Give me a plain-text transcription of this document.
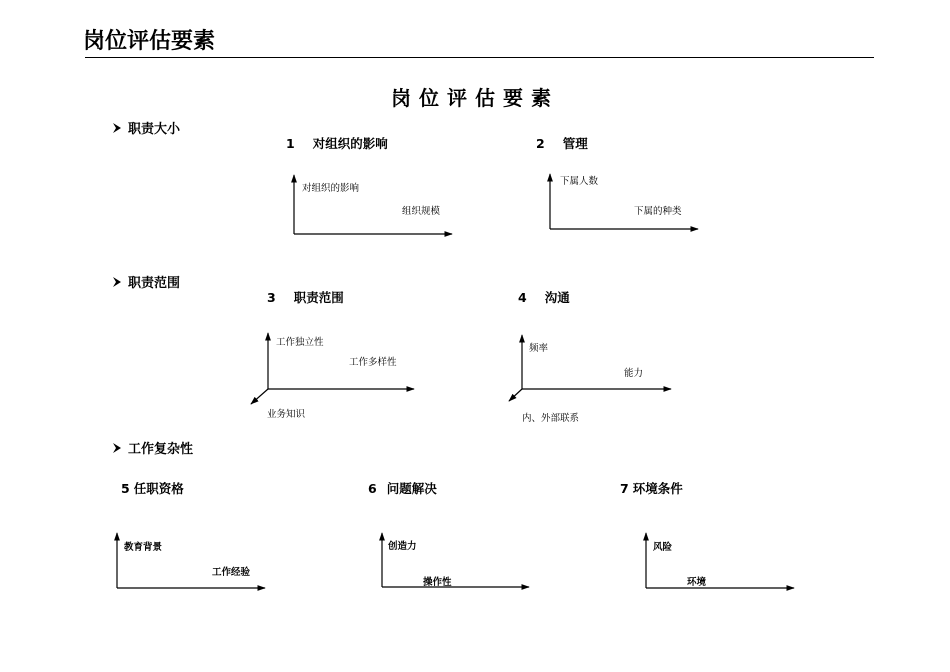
岗位评估要素
岗位评估要素
职责大小
职责范围
工作复杂性
1 对组织的影响	2 管理
3 职责范围	4 沟通
5 任职资格	6 问题解决	7 环境条件
对组织的影响
组织规模
下属人数
下属的种类
工作独立性
工作多样性
业务知识
频率
能力
内、外部联系
教育背景
工作经验
创造力
操作性
风险
环境
